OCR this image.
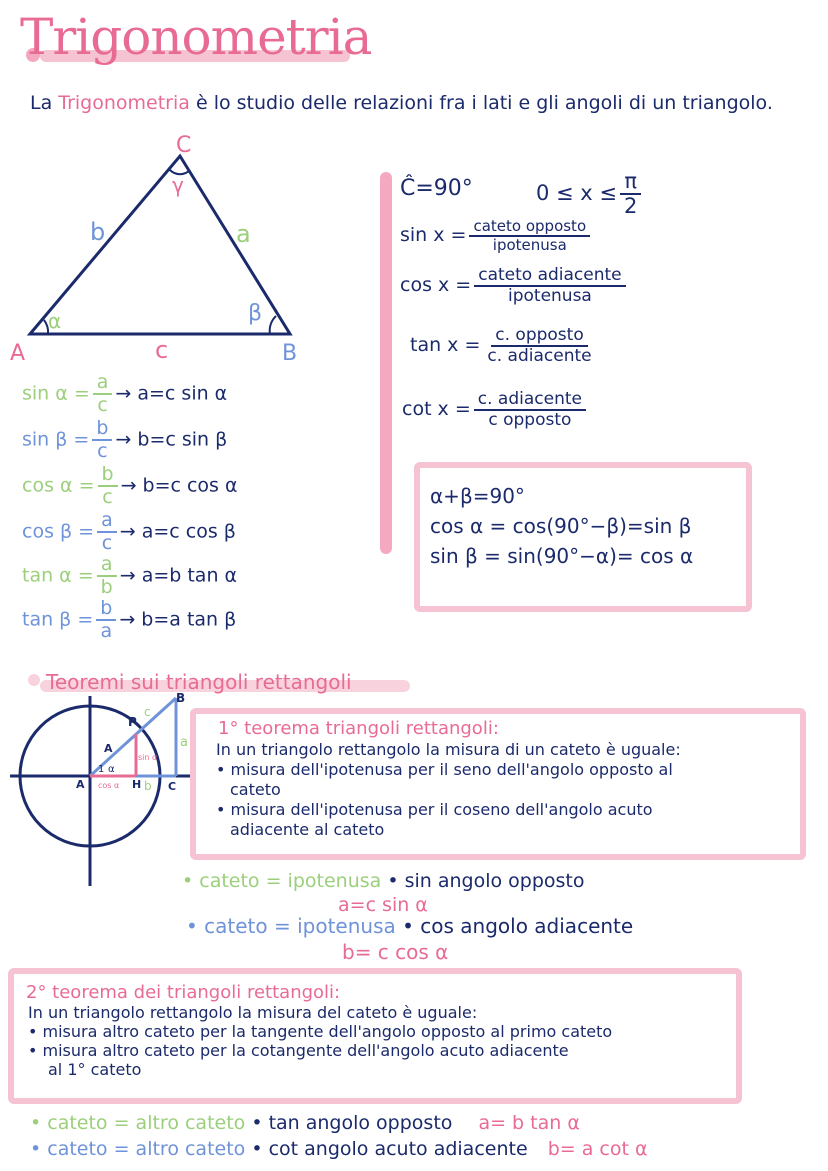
Trigonometria
La Trigonometria è lo studio delle relazioni fra i lati e gli angoli di un triangolo.
C
A	B
b	a
c
α	β
γ
$\sin \alpha = \frac{a}{c} \to a=c$ sin α
$\sin \beta = \frac{b}{c} \to b=c$ sin β
$\cos \alpha = \frac{b}{c} \to b=c$ cos α
$\cos \beta = \frac{a}{c} \to a=c$ cos β
$\tan \alpha = \frac{a}{b} \to a=b$ tan α
$\tan \beta = \frac{b}{a} \to b=a$ tan β
Ĉ=90°	$0 \le x \le \frac{\pi}{2}$
$\sin x = \frac{\text{cateto opposto}}{\text{ipotenusa}}$
$\cos x = \frac{\text{cateto adiacente}}{\text{ipotenusa}}$
$\tan x = \frac{\text{c. opposto}}{\text{c. adiacente}}$
$\cot x = \frac{\text{c. adiacente}}{\text{c opposto}}$
α+β=90°
cos α = cos(90°−β)=sin β
sin β = sin(90°−α)= cos α
Teoremi sui triangoli rettangoli
P
B
c
a
A
1 α
sin α
cos α
A	H b C
1° teorema triangoli rettangoli:
In un triangolo rettangolo la misura di un cateto è uguale:
• misura dell'ipotenusa per il seno dell'angolo opposto al
cateto
• misura dell'ipotenusa per il coseno dell'angolo acuto
adiacente al cateto
• cateto = ipotenusa • sin angolo opposto
a=c sin α
• cateto = ipotenusa • cos angolo adiacente
b= c cos α
2° teorema dei triangoli rettangoli:
In un triangolo rettangolo la misura del cateto è uguale:
• misura altro cateto per la tangente dell'angolo opposto al primo cateto
• misura altro cateto per la cotangente dell'angolo acuto adiacente
al 1° cateto
• cateto = altro cateto • tan angolo opposto a= b tan α
• cateto = altro cateto • cot angolo acuto adiacente b= a cot α
